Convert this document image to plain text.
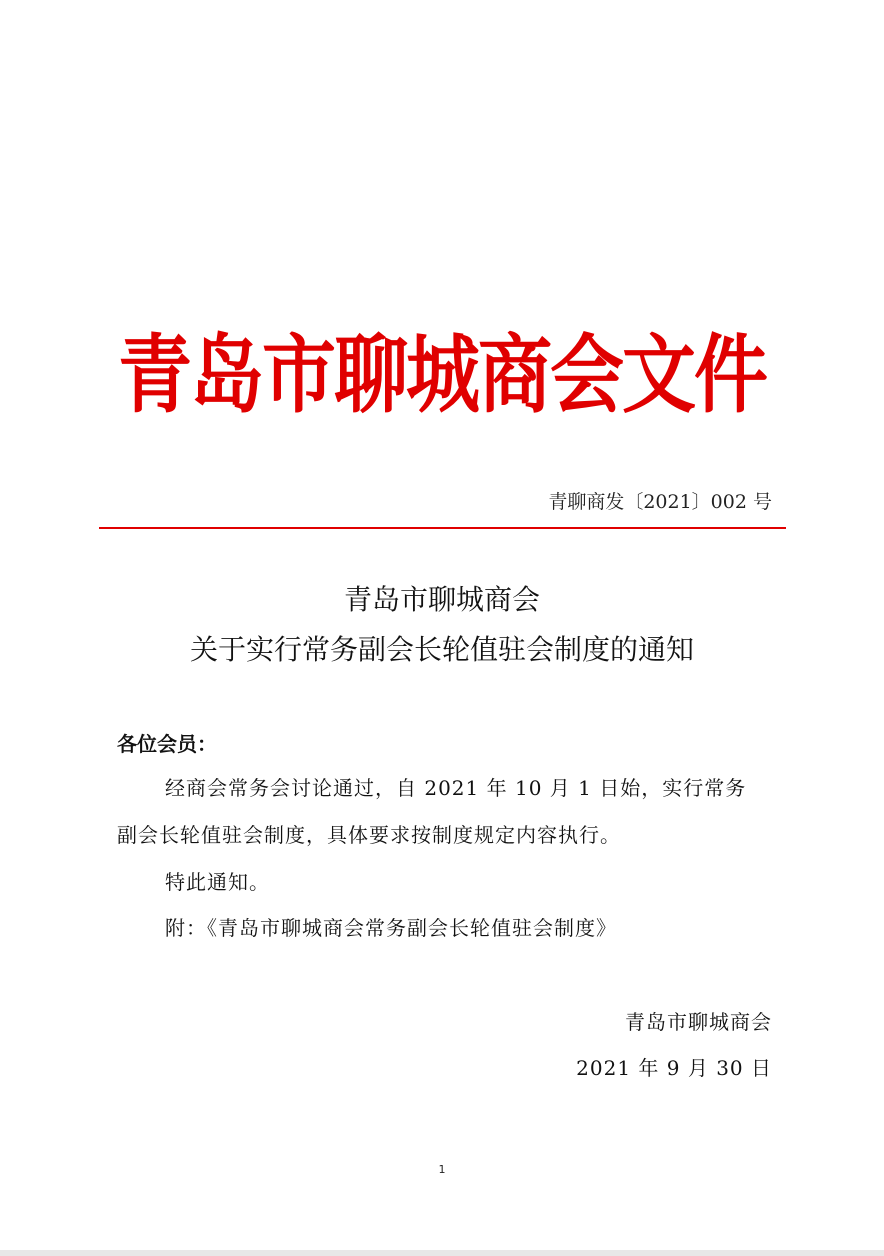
青岛市聊城商会文件
青聊商发〔2021〕002 号
青岛市聊城商会
关于实行常务副会长轮值驻会制度的通知
各位会员：
经商会常务会讨论通过，自 2021 年 10 月 1 日始，实行常务
副会长轮值驻会制度，具体要求按制度规定内容执行。
特此通知。
附：《青岛市聊城商会常务副会长轮值驻会制度》
青岛市聊城商会
2021 年 9 月 30 日
1
